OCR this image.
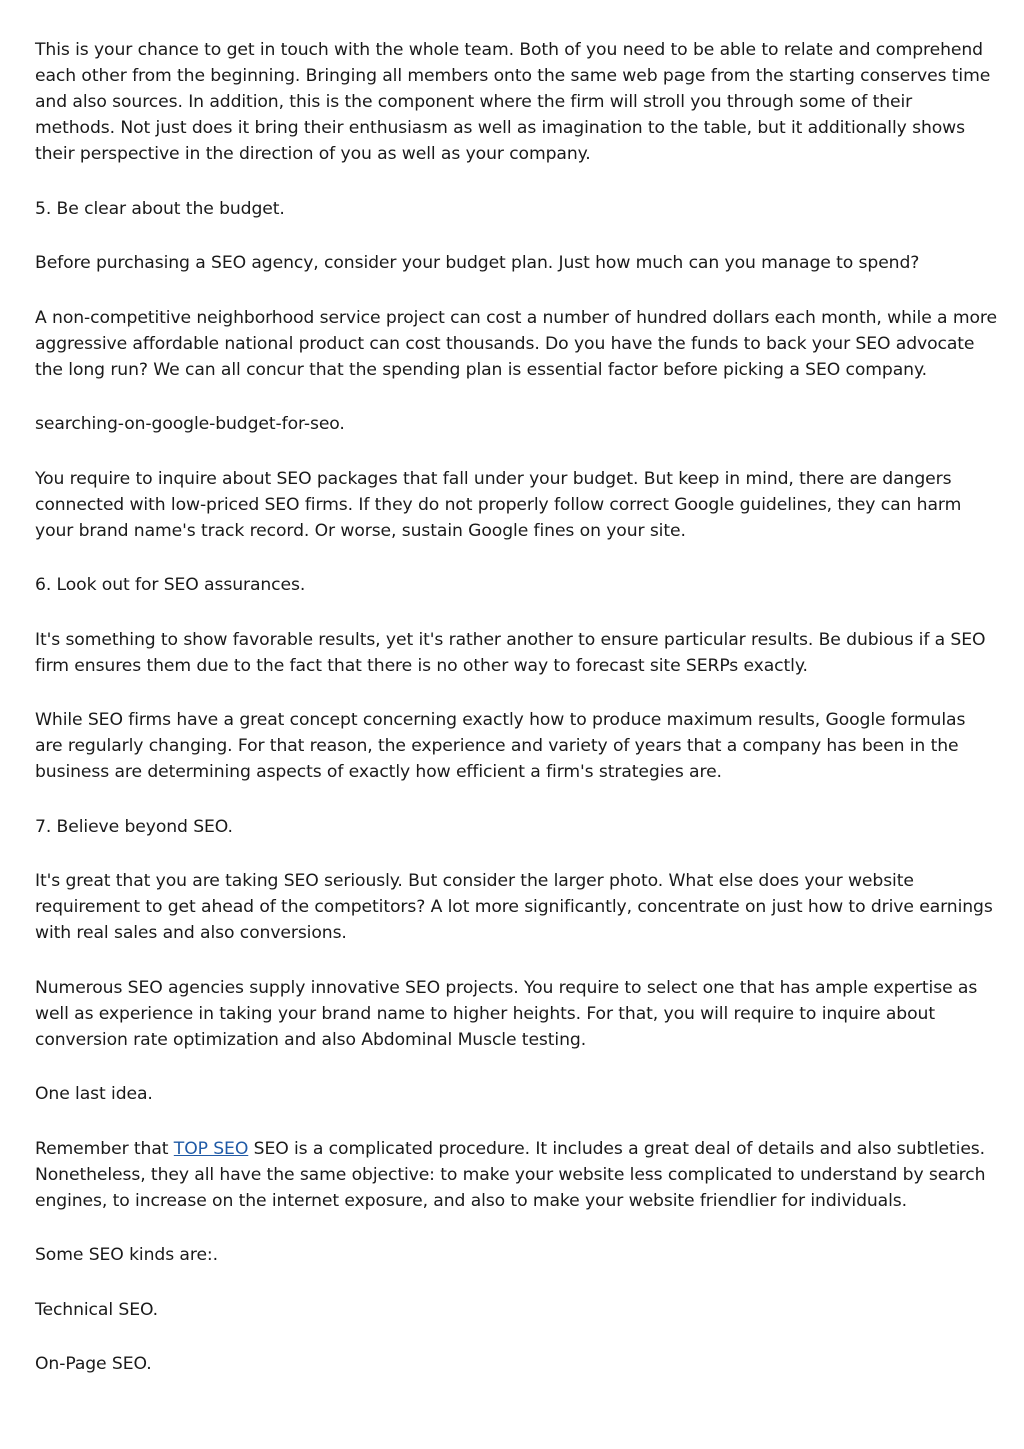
This is your chance to get in touch with the whole team. Both of you need to be able to relate and comprehend each other from the beginning. Bringing all members onto the same web page from the starting conserves time and also sources. In addition, this is the component where the firm will stroll you through some of their methods. Not just does it bring their enthusiasm as well as imagination to the table, but it additionally shows their perspective in the direction of you as well as your company.

5. Be clear about the budget.

Before purchasing a SEO agency, consider your budget plan. Just how much can you manage to spend?

A non-competitive neighborhood service project can cost a number of hundred dollars each month, while a more aggressive affordable national product can cost thousands. Do you have the funds to back your SEO advocate the long run? We can all concur that the spending plan is essential factor before picking a SEO company.

searching-on-google-budget-for-seo.

You require to inquire about SEO packages that fall under your budget. But keep in mind, there are dangers connected with low-priced SEO firms. If they do not properly follow correct Google guidelines, they can harm your brand name's track record. Or worse, sustain Google fines on your site.

6. Look out for SEO assurances.

It's something to show favorable results, yet it's rather another to ensure particular results. Be dubious if a SEO firm ensures them due to the fact that there is no other way to forecast site SERPs exactly.

While SEO firms have a great concept concerning exactly how to produce maximum results, Google formulas are regularly changing. For that reason, the experience and variety of years that a company has been in the business are determining aspects of exactly how efficient a firm's strategies are.

7. Believe beyond SEO.

It's great that you are taking SEO seriously. But consider the larger photo. What else does your website requirement to get ahead of the competitors? A lot more significantly, concentrate on just how to drive earnings with real sales and also conversions.

Numerous SEO agencies supply innovative SEO projects. You require to select one that has ample expertise as well as experience in taking your brand name to higher heights. For that, you will require to inquire about conversion rate optimization and also Abdominal Muscle testing.

One last idea.

Remember that TOP SEO SEO is a complicated procedure. It includes a great deal of details and also subtleties. Nonetheless, they all have the same objective: to make your website less complicated to understand by search engines, to increase on the internet exposure, and also to make your website friendlier for individuals.

Some SEO kinds are:.

Technical SEO.

On-Page SEO.
